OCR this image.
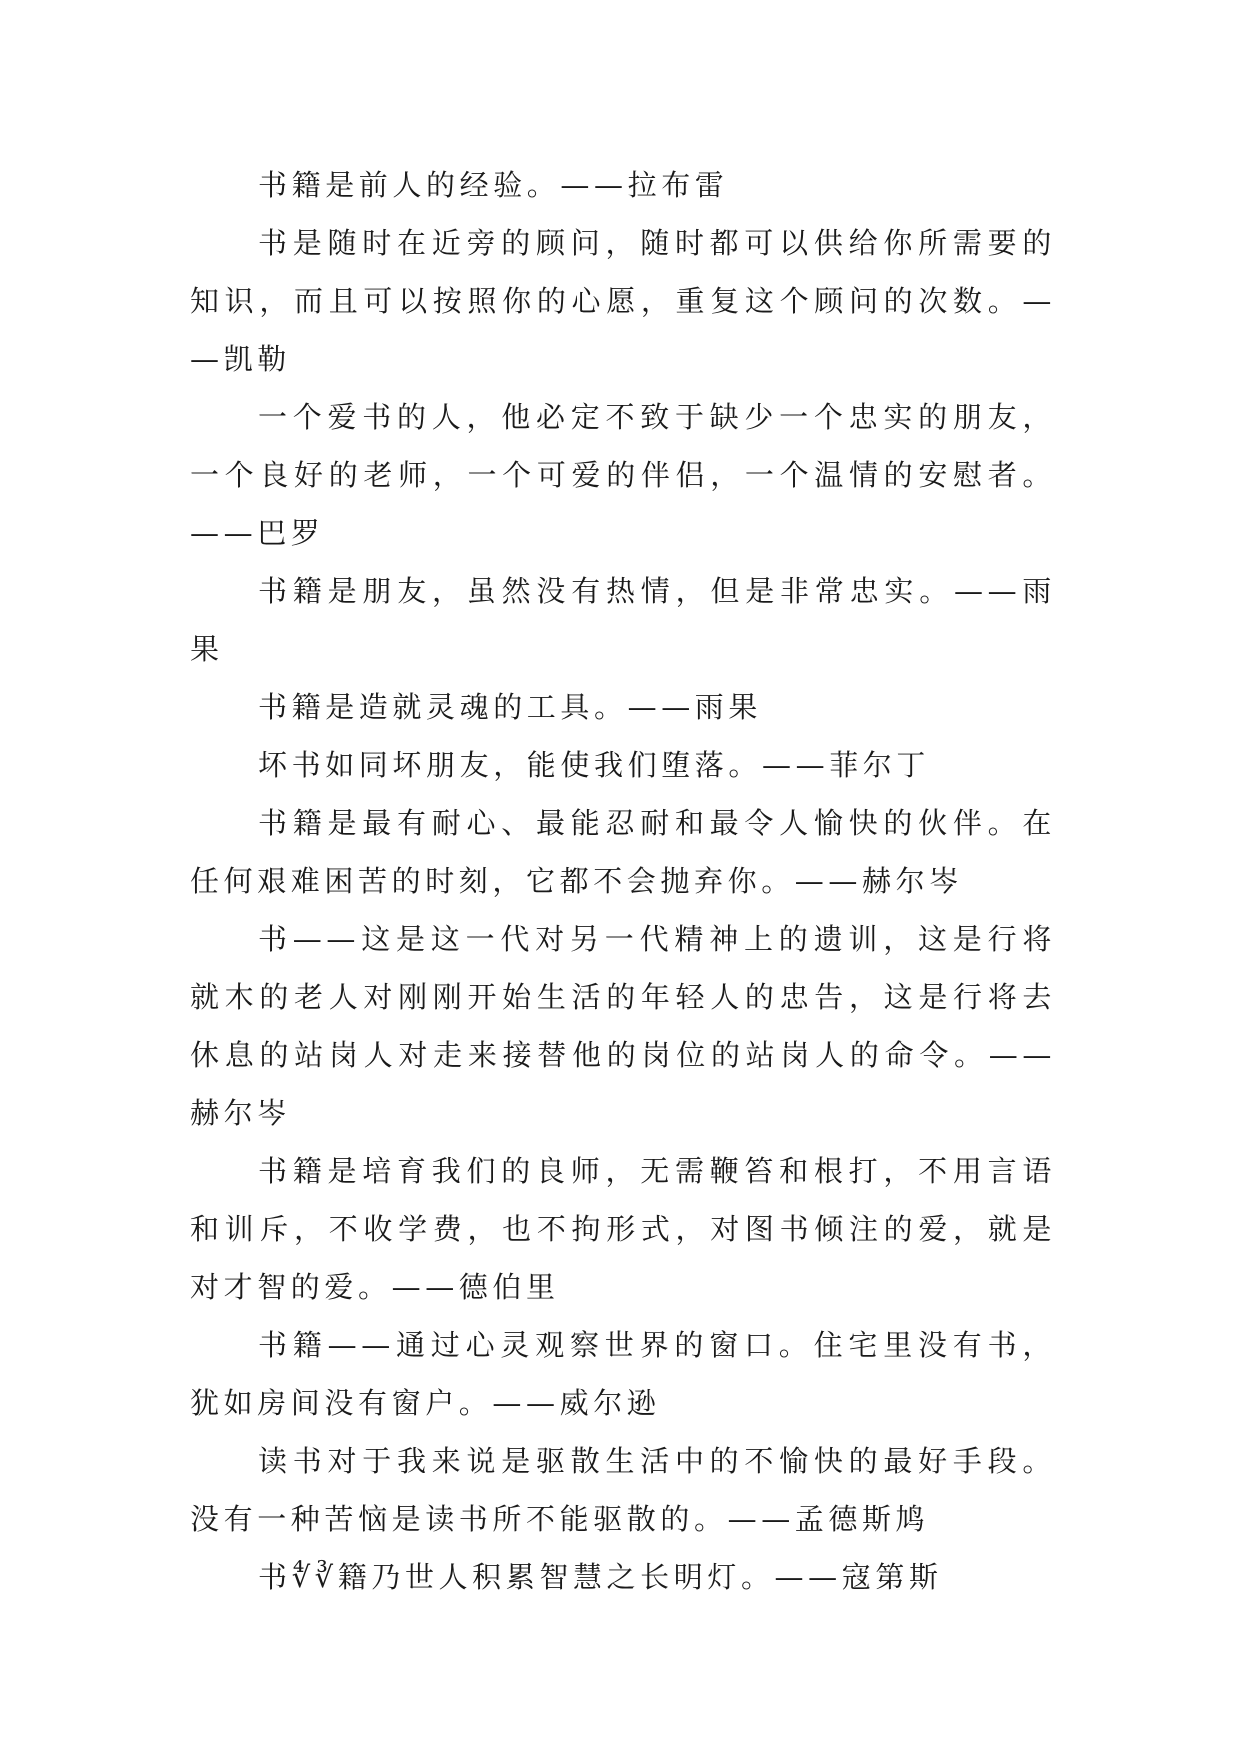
书籍是前人的经验。——拉布雷

书是随时在近旁的顾问，随时都可以供给你所需要的知识，而且可以按照你的心愿，重复这个顾问的次数。——凯勒

一个爱书的人，他必定不致于缺少一个忠实的朋友，一个良好的老师，一个可爱的伴侣，一个温情的安慰者。——巴罗

书籍是朋友，虽然没有热情，但是非常忠实。——雨果

书籍是造就灵魂的工具。——雨果

坏书如同坏朋友，能使我们堕落。——菲尔丁

书籍是最有耐心、最能忍耐和最令人愉快的伙伴。在任何艰难困苦的时刻，它都不会抛弃你。——赫尔岑

书——这是这一代对另一代精神上的遗训，这是行将就木的老人对刚刚开始生活的年轻人的忠告，这是行将去休息的站岗人对走来接替他的岗位的站岗人的命令。——赫尔岑

书籍是培育我们的良师，无需鞭笞和根打，不用言语和训斥，不收学费，也不拘形式，对图书倾注的爱，就是对才智的爱。——德伯里

书籍——通过心灵观察世界的窗口。住宅里没有书，犹如房间没有窗户。——威尔逊

读书对于我来说是驱散生活中的不愉快的最好手段。没有一种苦恼是读书所不能驱散的。——孟德斯鸠

书∜∛籍乃世人积累智慧之长明灯。——寇第斯
